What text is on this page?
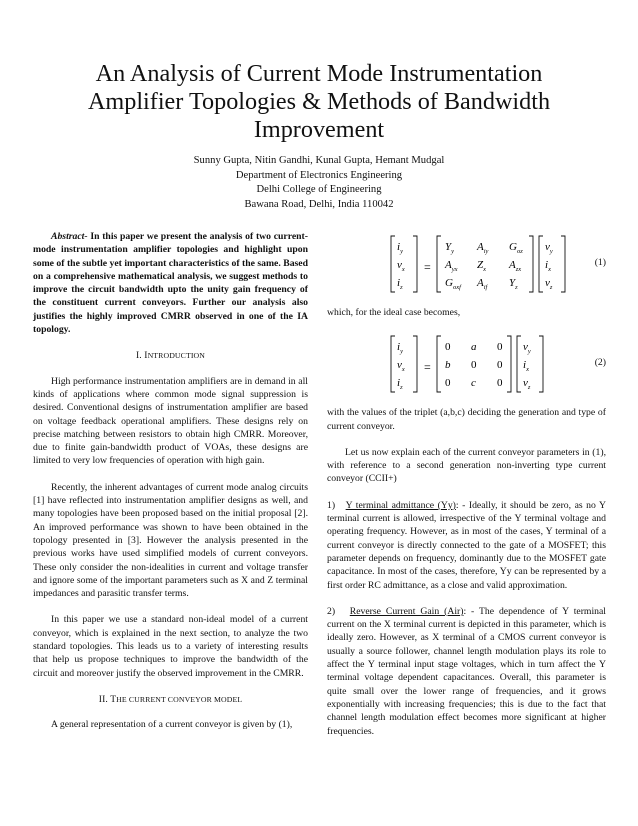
An Analysis of Current Mode Instrumentation
Amplifier Topologies & Methods of Bandwidth
Improvement
Sunny Gupta, Nitin Gandhi, Kunal Gupta, Hemant Mudgal
Department of Electronics Engineering
Delhi College of Engineering
Bawana Road, Delhi, India 110042

Abstract- In this paper we present the analysis of two current-mode instrumentation amplifier topologies and highlight upon some of the subtle yet important characteristics of the same. Based on a comprehensive mathematical analysis, we suggest methods to improve the circuit bandwidth upto the unity gain frequency of the constituent current conveyors. Further our analysis also justifies the highly improved CMRR observed in one of the IA topology.

I. INTRODUCTION

High performance instrumentation amplifiers are in demand in all kinds of applications where common mode signal suppression is desired. Conventional designs of instrumentation amplifier are based on voltage feedback operational amplifiers. These designs rely on precise matching between resistors to obtain high CMRR. Moreover, due to finite gain-bandwidth product of VOAs, these designs are limited to very low frequencies of operation with high gain.

Recently, the inherent advantages of current mode analog circuits [1] have reflected into instrumentation amplifier designs as well, and many topologies have been proposed based on the initial proposal [2]. An improved performance was shown to have been obtained in the topology presented in [3]. However the analysis presented in the previous works have used simplified models of current conveyors. These only consider the non-idealities in current and voltage transfer and ignore some of the important parameters such as X and Z terminal impedances and parasitic transfer terms.

In this paper we use a standard non-ideal model of a current conveyor, which is explained in the next section, to analyze the two standard topologies. This leads us to a variety of interesting results that help us propose techniques to improve the bandwidth of the circuit and moreover justify the observed improvement in the CMRR.

II. THE CURRENT CONVEYOR MODEL

A general representation of a current conveyor is given by (1),

$i_y$
$v_x$
$i_z$
=
$Y_y$ $A_{iy}$ $G_{oz}$
$A_{yx}$ $Z_x$ $A_{zx}$
$G_{oxf}$ $A_{if}$ $Y_z$
$v_y$
$i_x$
$v_z$
(1)

which, for the ideal case becomes,

$i_y$
$v_x$
$i_z$
=
0 a 0
b 0 0
0 c 0
$v_y$
$i_x$
$v_z$
(2)

with the values of the triplet (a,b,c) deciding the generation and type of current conveyor.

Let us now explain each of the current conveyor parameters in (1), with reference to a second generation non-inverting type current conveyor (CCII+)

1) Y terminal admittance (Yy): - Ideally, it should be zero, as no Y terminal current is allowed, irrespective of the Y terminal voltage and operating frequency. However, as in most of the cases, Y terminal of a current conveyor is directly connected to the gate of a MOSFET; this parameter depends on frequency, dominantly due to the MOSFET gate capacitance. In most of the cases, therefore, Yy can be represented by a first order RC admittance, as a close and valid approximation.

2) Reverse Current Gain (Air): - The dependence of Y terminal current on the X terminal current is depicted in this parameter, which is ideally zero. However, as X terminal of a CMOS current conveyor is usually a source follower, channel length modulation plays its role to affect the Y terminal input stage voltages, which in turn affect the Y terminal voltage dependent capacitances. Overall, this parameter is quite small over the lower range of frequencies, and it grows exponentially with increasing frequencies; this is due to the fact that channel length modulation effect becomes more significant at higher frequencies.
